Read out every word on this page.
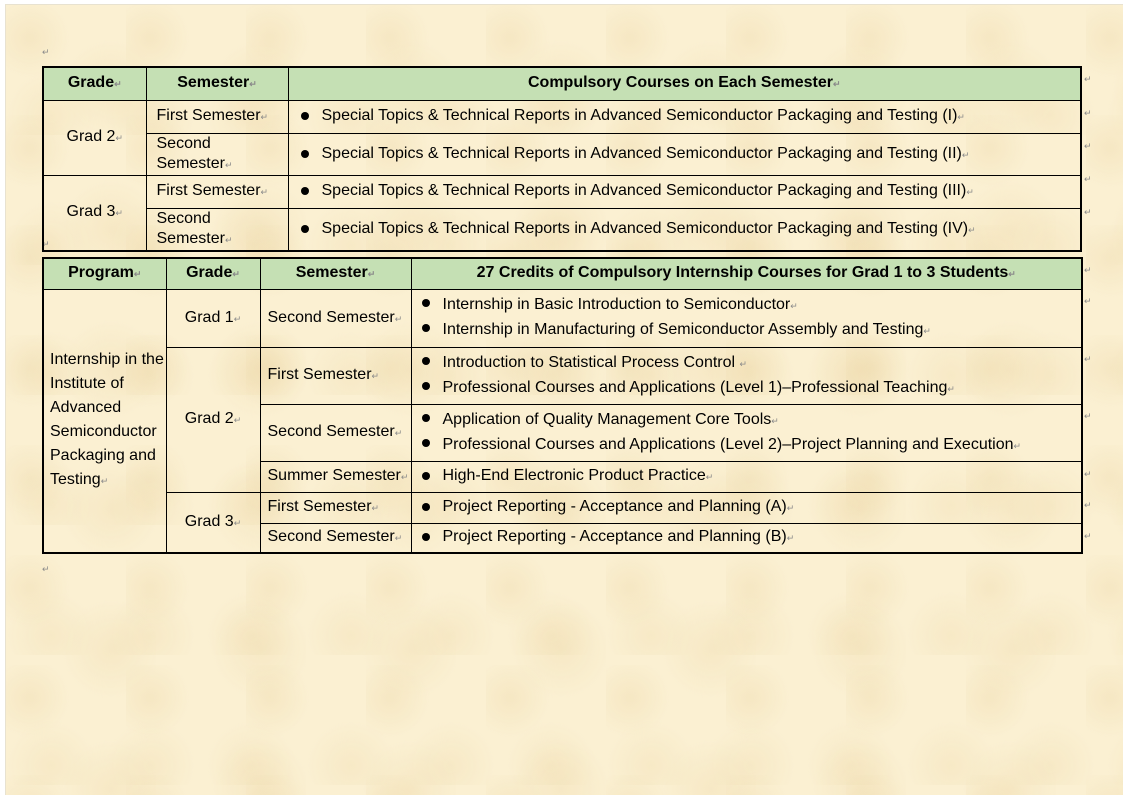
↵
↵
↵
↵
↵
↵
↵
↵
↵
↵
↵
↵
↵
↵
↵
Grade↵	Semester↵	Compulsory Courses on Each Semester↵
Grad 2↵	First Semester↵	Special Topics & Technical Reports in Advanced Semiconductor Packaging and Testing (I)↵

	Second Semester↵	Special Topics & Technical Reports in Advanced Semiconductor Packaging and Testing (II)↵

Grad 3↵	First Semester↵	Special Topics & Technical Reports in Advanced Semiconductor Packaging and Testing (III)↵

	Second Semester↵	Special Topics & Technical Reports in Advanced Semiconductor Packaging and Testing (IV)↵
Program↵	Grade↵	Semester↵	27 Credits of Compulsory Internship Courses for Grad 1 to 3 Students↵
Internship in the Institute of Advanced Semiconductor Packaging and Testing↵	Grad 1↵	Second Semester↵	Internship in Basic Introduction to Semiconductor↵
Internship in Manufacturing of Semiconductor Assembly and Testing↵

	Grad 2↵	First Semester↵	Introduction to Statistical Process Control ↵
Professional Courses and Applications (Level 1)–Professional Teaching↵

		Second Semester↵	Application of Quality Management Core Tools↵
Professional Courses and Applications (Level 2)–Project Planning and Execution↵

		Summer Semester↵	High-End Electronic Product Practice↵

	Grad 3↵	First Semester↵	Project Reporting - Acceptance and Planning (A)↵

		Second Semester↵	Project Reporting - Acceptance and Planning (B)↵
